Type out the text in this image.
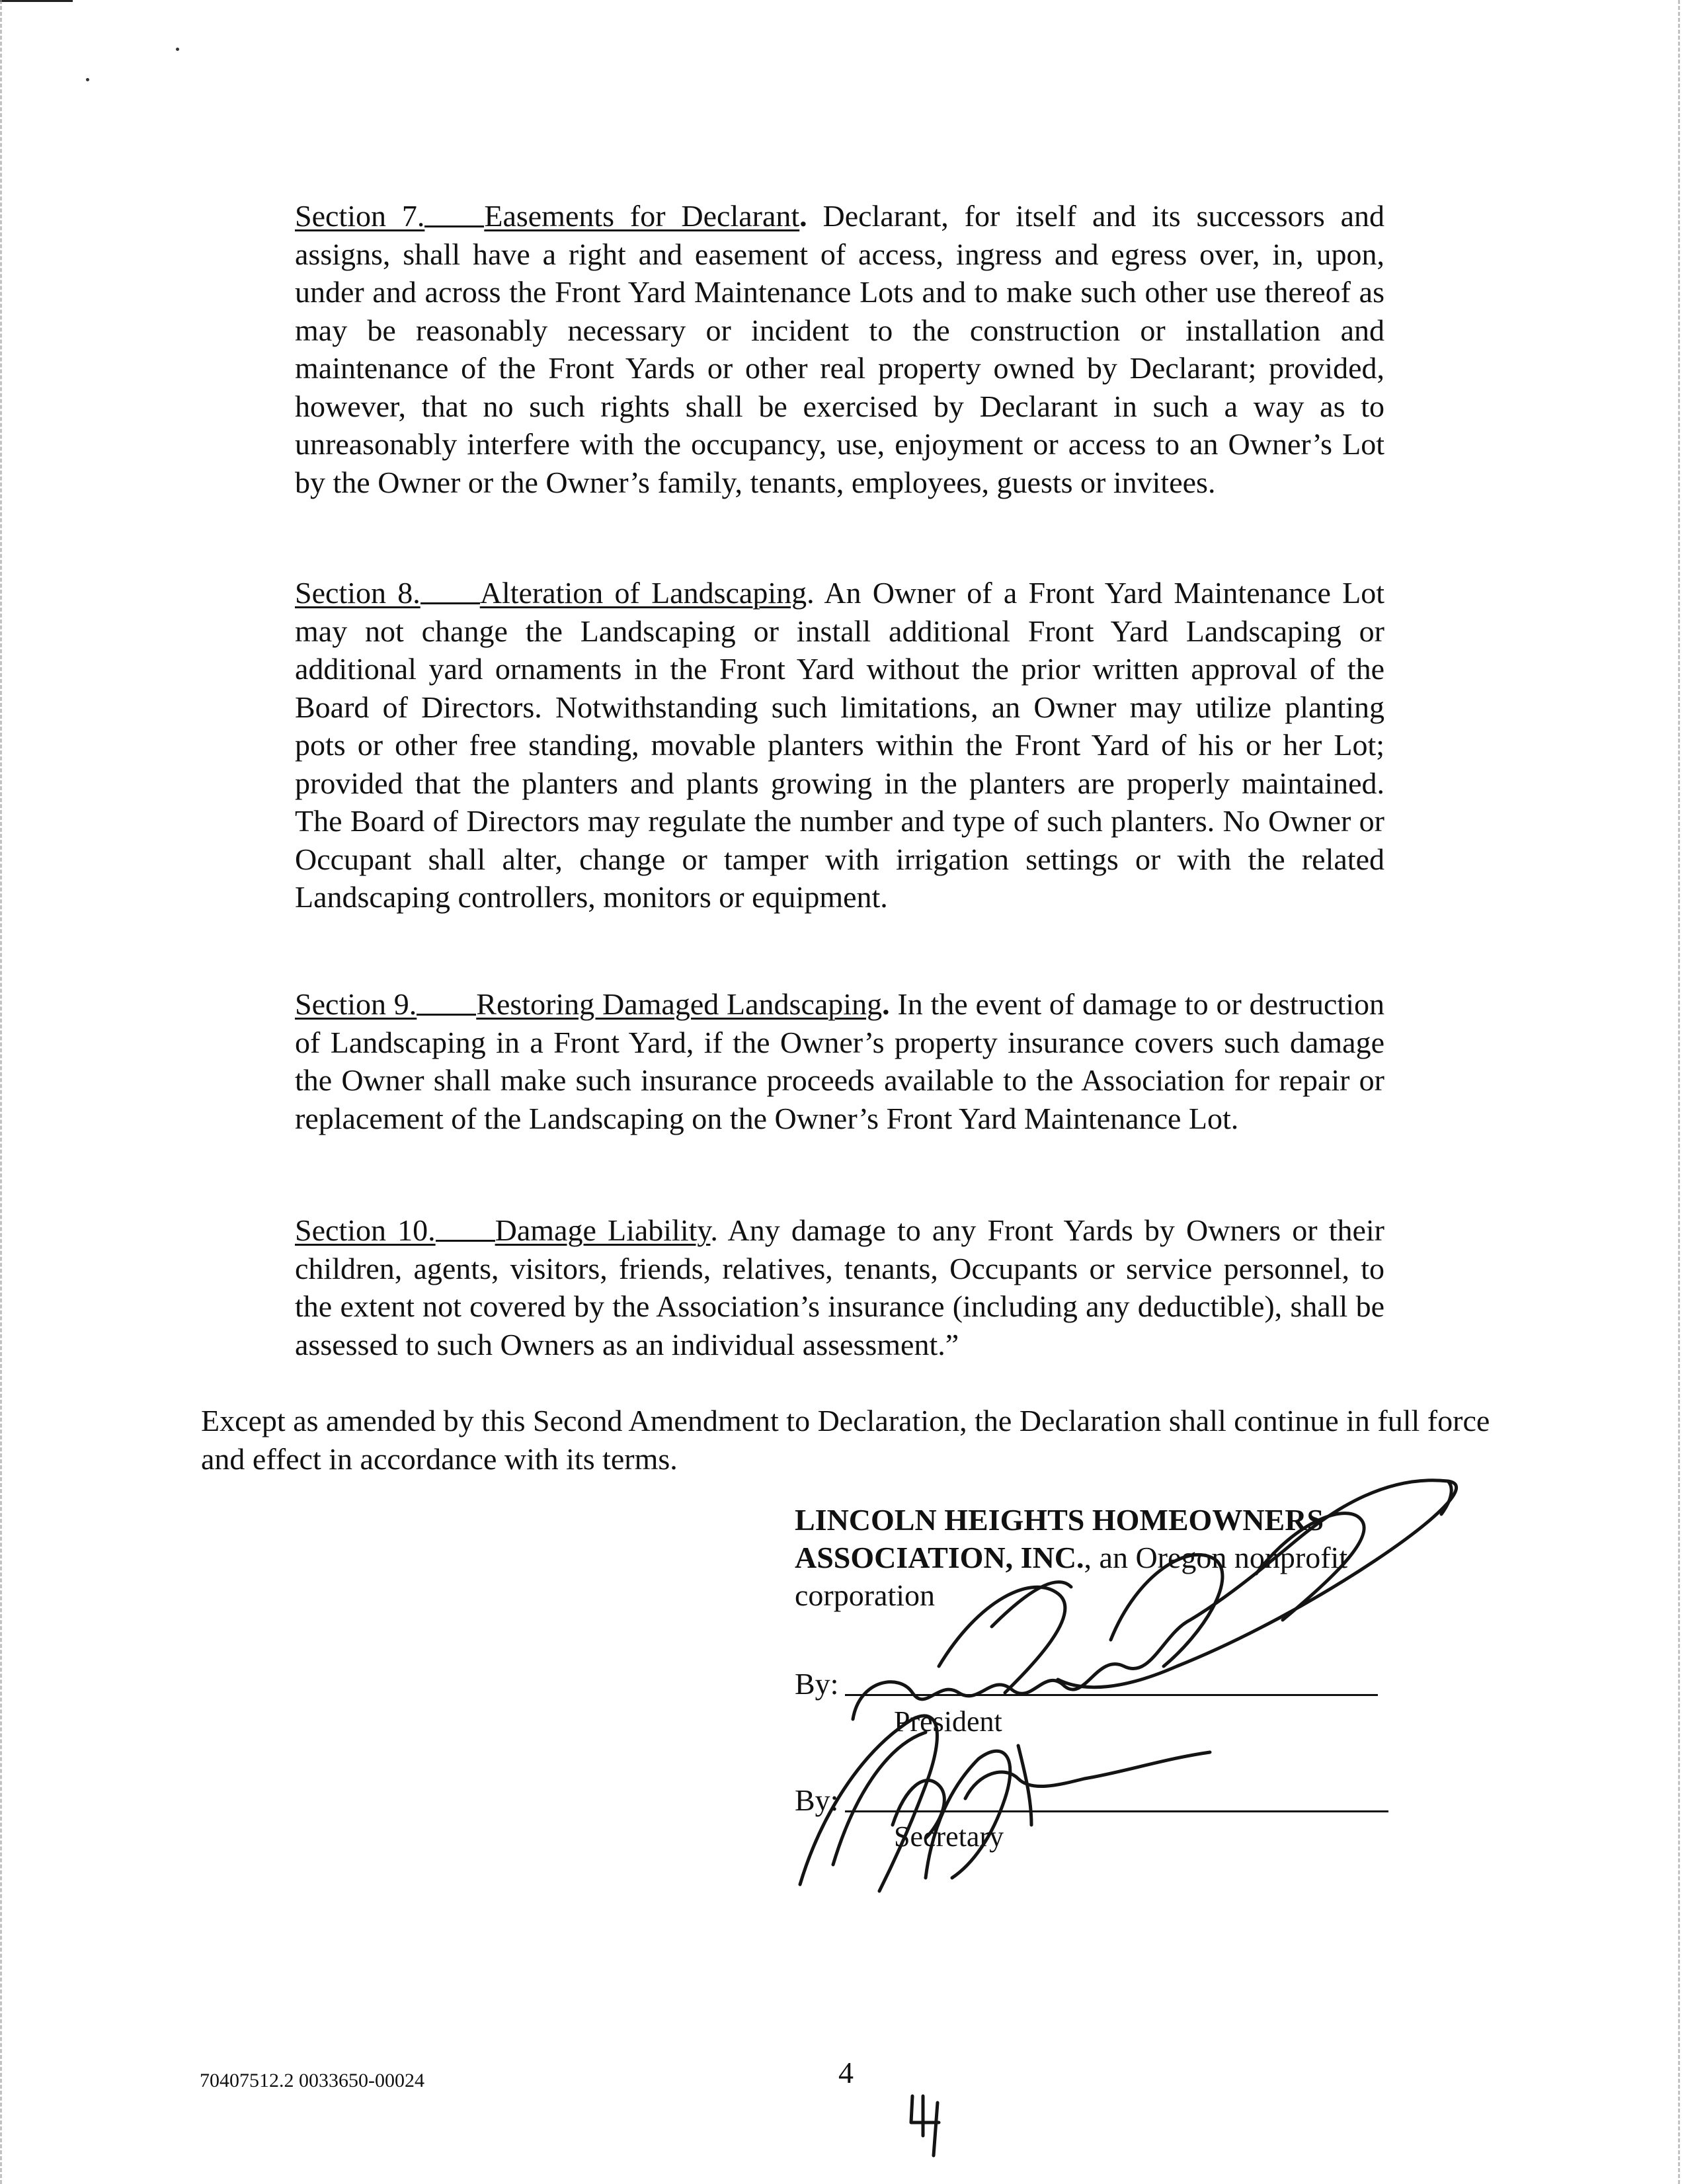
Section 7. Easements for Declarant. Declarant, for itself and its successors and assigns, shall have a right and easement of access, ingress and egress over, in, upon, under and across the Front Yard Maintenance Lots and to make such other use thereof as may be reasonably necessary or incident to the construction or installation and maintenance of the Front Yards or other real property owned by Declarant; provided, however, that no such rights shall be exercised by Declarant in such a way as to unreasonably interfere with the occupancy, use, enjoyment or access to an Owner’s Lot by the Owner or the Owner’s family, tenants, employees, guests or invitees.

Section 8. Alteration of Landscaping. An Owner of a Front Yard Maintenance Lot may not change the Landscaping or install additional Front Yard Landscaping or additional yard ornaments in the Front Yard without the prior written approval of the Board of Directors. Notwithstanding such limitations, an Owner may utilize planting pots or other free standing, movable planters within the Front Yard of his or her Lot; provided that the planters and plants growing in the planters are properly maintained. The Board of Directors may regulate the number and type of such planters. No Owner or Occupant shall alter, change or tamper with irrigation settings or with the related Landscaping controllers, monitors or equipment.

Section 9. Restoring Damaged Landscaping. In the event of damage to or destruction of Landscaping in a Front Yard, if the Owner’s property insurance covers such damage the Owner shall make such insurance proceeds available to the Association for repair or replacement of the Landscaping on the Owner’s Front Yard Maintenance Lot.

Section 10. Damage Liability. Any damage to any Front Yards by Owners or their children, agents, visitors, friends, relatives, tenants, Occupants or service personnel, to the extent not covered by the Association’s insurance (including any deductible), shall be assessed to such Owners as an individual assessment.”

Except as amended by this Second Amendment to Declaration, the Declaration shall continue in full force and effect in accordance with its terms.

LINCOLN HEIGHTS HOMEOWNERS
ASSOCIATION, INC., an Oregon nonprofit
corporation
By:
President
By:
Secretary
70407512.2 0033650-00024	4
